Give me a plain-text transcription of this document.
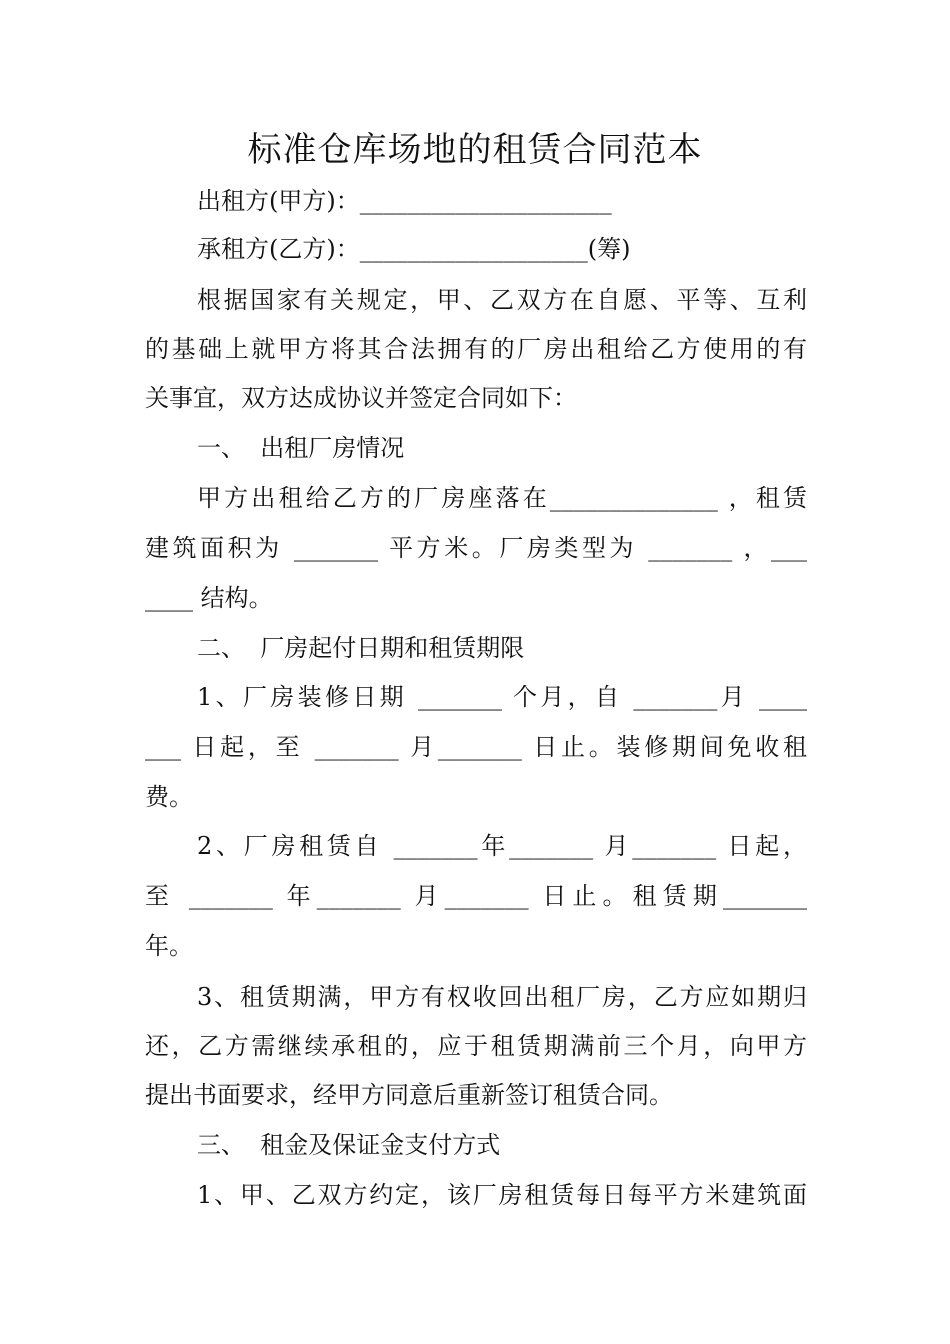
标准仓库场地的租赁合同范本
出租方(甲方)：_____________________
承租方(乙方)：___________________(筹)
根据国家有关规定，甲、乙双方在自愿、平等、互利
的基础上就甲方将其合法拥有的厂房出租给乙方使用的有
关事宜，双方达成协议并签定合同如下：
一、  出租厂房情况
甲方出租给乙方的厂房座落在______________ ，租赁
建筑面积为 _______ 平方米。厂房类型为 _______ ，___
____ 结构。
二、  厂房起付日期和租赁期限
1、厂房装修日期 _______ 个月，自 _______月 ____
___ 日起，至 _______ 月_______ 日止。装修期间免收租
费。
2、厂房租赁自 _______年_______ 月_______ 日起，
至 _______ 年_______ 月_______ 日止。租赁期_______
年。
3、租赁期满，甲方有权收回出租厂房，乙方应如期归
还，乙方需继续承租的，应于租赁期满前三个月，向甲方
提出书面要求，经甲方同意后重新签订租赁合同。
三、  租金及保证金支付方式
1、甲、乙双方约定，该厂房租赁每日每平方米建筑面
